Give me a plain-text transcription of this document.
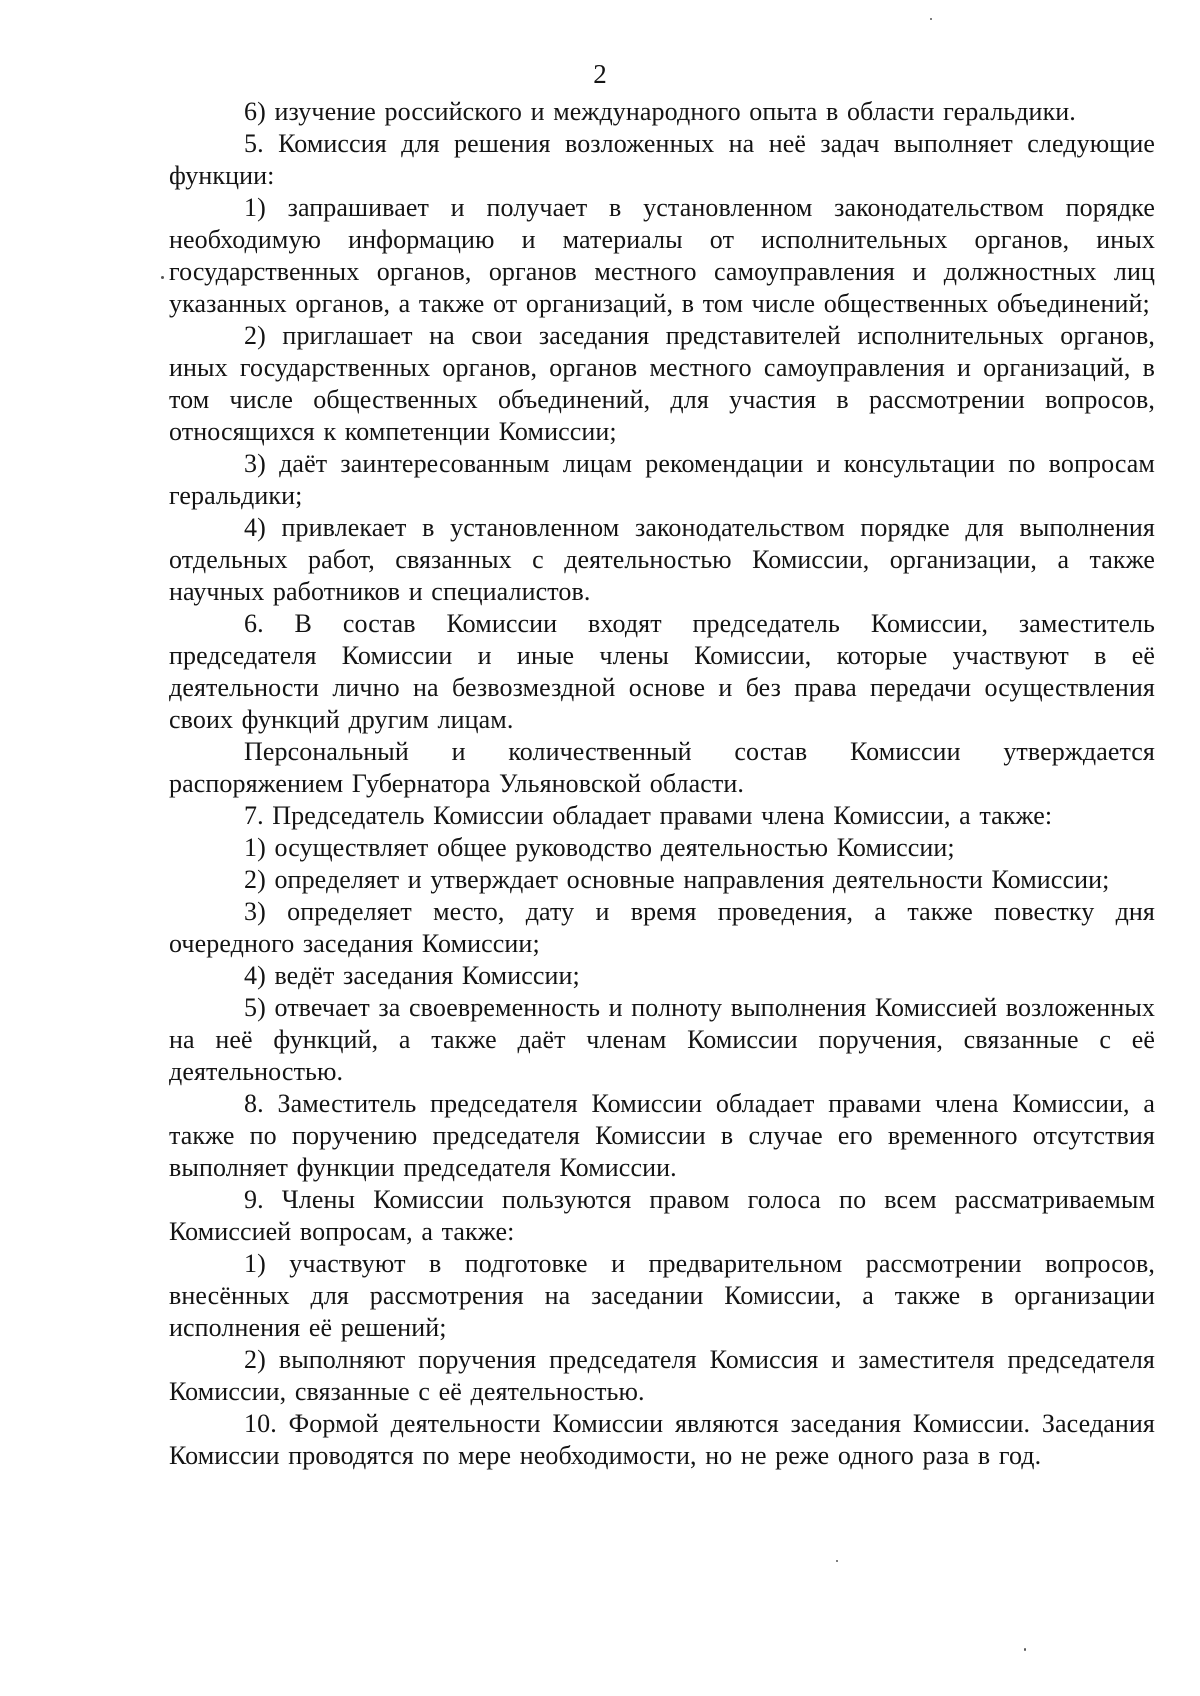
2

6) изучение российского и международного опыта в области геральдики.

5. Комиссия для решения возложенных на неё задач выполняет следующие функции:

1) запрашивает и получает в установленном законодательством порядке необходимую информацию и материалы от исполнительных органов, иных государственных органов, органов местного самоуправления и должностных лиц указанных органов, а также от организаций, в том числе общественных объединений;

2) приглашает на свои заседания представителей исполнительных органов, иных государственных органов, органов местного самоуправления и организаций, в том числе общественных объединений, для участия в рассмотрении вопросов, относящихся к компетенции Комиссии;

3) даёт заинтересованным лицам рекомендации и консультации по вопросам геральдики;

4) привлекает в установленном законодательством порядке для выполнения отдельных работ, связанных с деятельностью Комиссии, организации, а также научных работников и специалистов.

6. В состав Комиссии входят председатель Комиссии, заместитель председателя Комиссии и иные члены Комиссии, которые участвуют в её деятельности лично на безвозмездной основе и без права передачи осуществления своих функций другим лицам.

Персональный и количественный состав Комиссии утверждается распоряжением Губернатора Ульяновской области.

7. Председатель Комиссии обладает правами члена Комиссии, а также:

1) осуществляет общее руководство деятельностью Комиссии;

2) определяет и утверждает основные направления деятельности Комиссии;

3) определяет место, дату и время проведения, а также повестку дня очередного заседания Комиссии;

4) ведёт заседания Комиссии;

5) отвечает за своевременность и полноту выполнения Комиссией возложенных на неё функций, а также даёт членам Комиссии поручения, связанные с её деятельностью.

8. Заместитель председателя Комиссии обладает правами члена Комиссии, а также по поручению председателя Комиссии в случае его временного отсутствия выполняет функции председателя Комиссии.

9. Члены Комиссии пользуются правом голоса по всем рассматриваемым Комиссией вопросам, а также:

1) участвуют в подготовке и предварительном рассмотрении вопросов, внесённых для рассмотрения на заседании Комиссии, а также в организации исполнения её решений;

2) выполняют поручения председателя Комиссия и заместителя председателя Комиссии, связанные с её деятельностью.

10. Формой деятельности Комиссии являются заседания Комиссии. Заседания Комиссии проводятся по мере необходимости, но не реже одного раза в год.
